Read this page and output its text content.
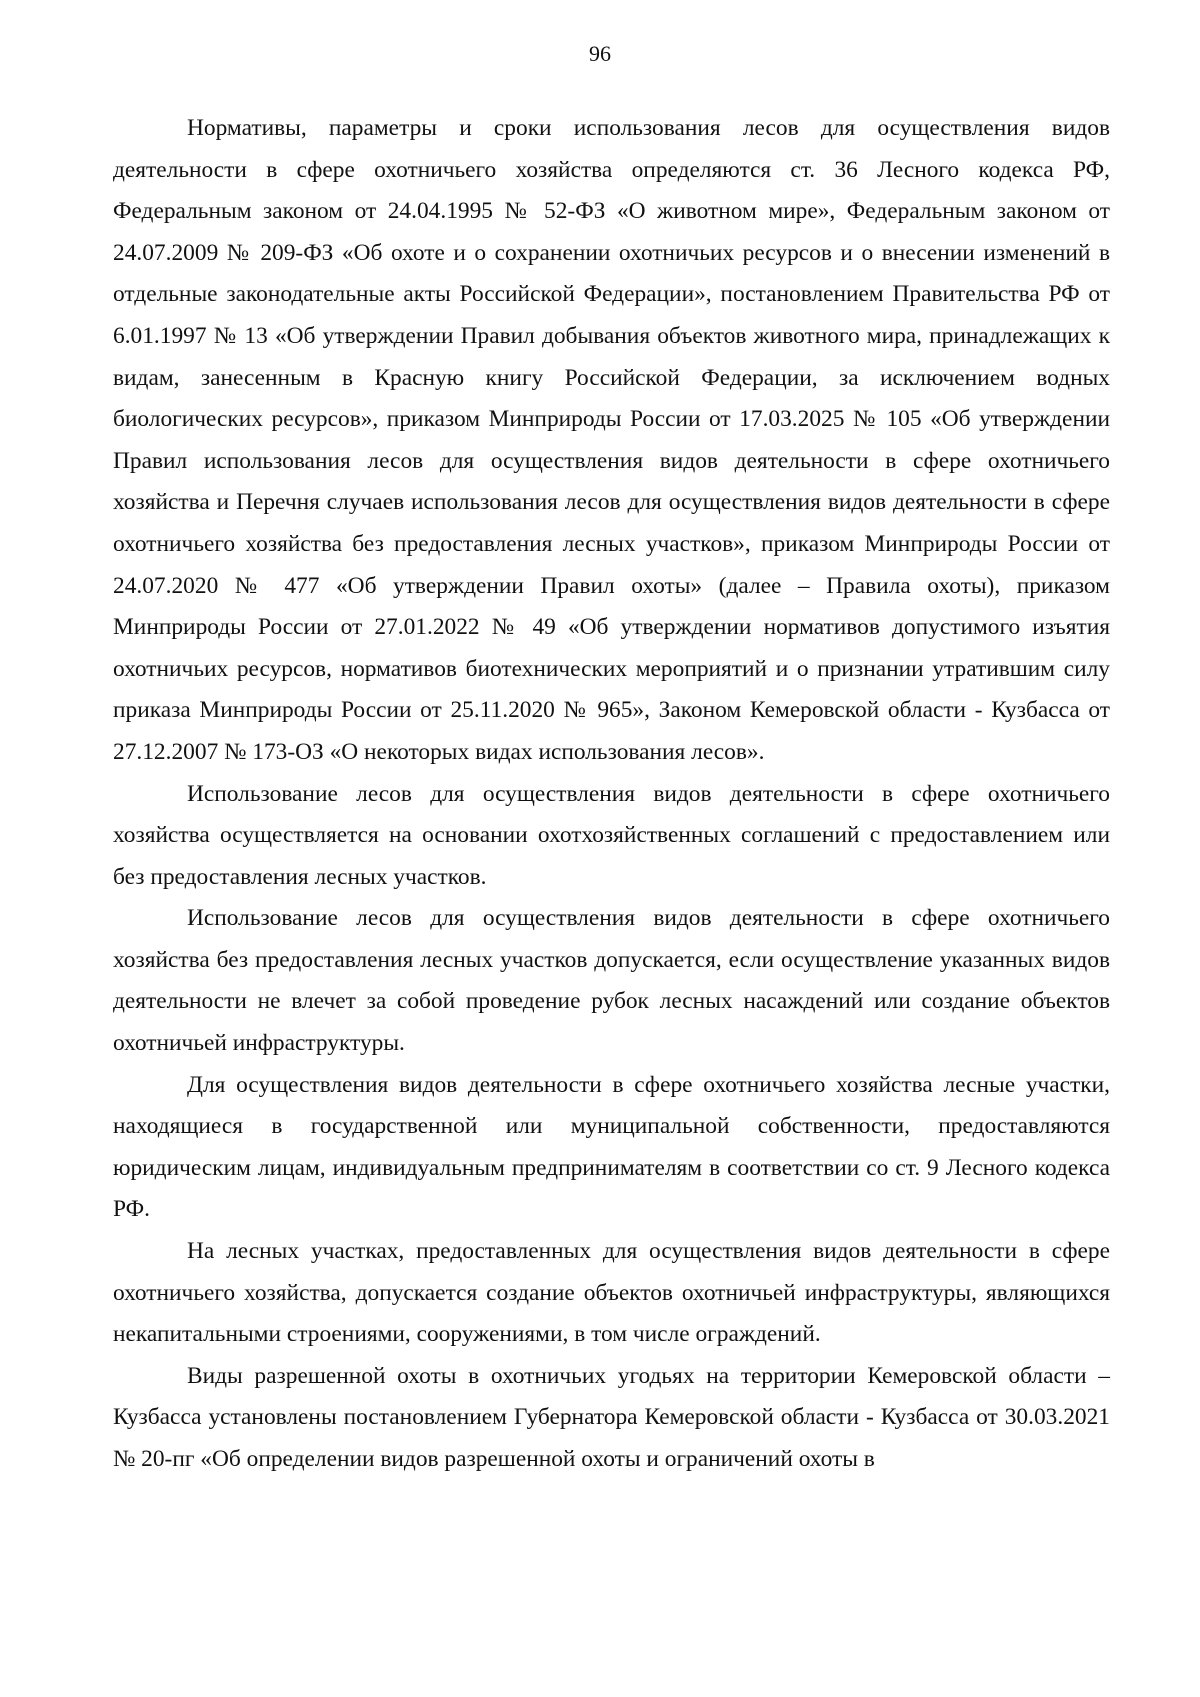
96

Нормативы, параметры и сроки использования лесов для осуществления видов деятельности в сфере охотничьего хозяйства определяются ст. 36 Лесного кодекса РФ, Федеральным законом от 24.04.1995 № 52-ФЗ «О животном мире», Федеральным законом от 24.07.2009 № 209-ФЗ «Об охоте и о сохранении охотничьих ресурсов и о внесении изменений в отдельные законодательные акты Российской Федерации», постановлением Правительства РФ от 6.01.1997 № 13 «Об утверждении Правил добывания объектов животного мира, принадлежащих к видам, занесенным в Красную книгу Российской Федерации, за исключением водных биологических ресурсов», приказом Минприроды России от 17.03.2025 № 105 «Об утверждении Правил использования лесов для осуществления видов деятельности в сфере охотничьего хозяйства и Перечня случаев использования лесов для осуществления видов деятельности в сфере охотничьего хозяйства без предоставления лесных участков», приказом Минприроды России от 24.07.2020 № 477 «Об утверждении Правил охоты» (далее – Правила охоты), приказом Минприроды России от 27.01.2022 № 49 «Об утверждении нормативов допустимого изъятия охотничьих ресурсов, нормативов биотехнических мероприятий и о признании утратившим силу приказа Минприроды России от 25.11.2020 № 965», Законом Кемеровской области - Кузбасса от 27.12.2007 № 173-ОЗ «О некоторых видах использования лесов».

Использование лесов для осуществления видов деятельности в сфере охотничьего хозяйства осуществляется на основании охотхозяйственных соглашений с предоставлением или без предоставления лесных участков.

Использование лесов для осуществления видов деятельности в сфере охотничьего хозяйства без предоставления лесных участков допускается, если осуществление указанных видов деятельности не влечет за собой проведение рубок лесных насаждений или создание объектов охотничьей инфраструктуры.

Для осуществления видов деятельности в сфере охотничьего хозяйства лесные участки, находящиеся в государственной или муниципальной собственности, предоставляются юридическим лицам, индивидуальным предпринимателям в соответствии со ст. 9 Лесного кодекса РФ.

На лесных участках, предоставленных для осуществления видов деятельности в сфере охотничьего хозяйства, допускается создание объектов охотничьей инфраструктуры, являющихся некапитальными строениями, сооружениями, в том числе ограждений.

Виды разрешенной охоты в охотничьих угодьях на территории Кемеровской области – Кузбасса установлены постановлением Губернатора Кемеровской области - Кузбасса от 30.03.2021 № 20-пг «Об определении видов разрешенной охоты и ограничений охоты в
